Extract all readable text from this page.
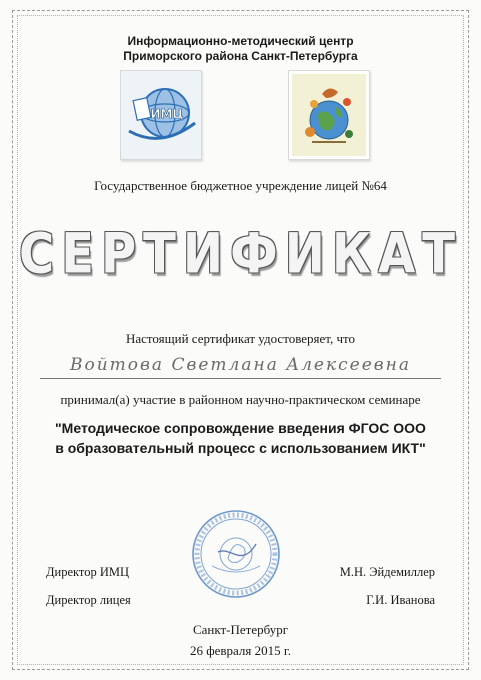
Информационно-методический центр
Приморского района Санкт-Петербурга
ИМЦ
Государственное бюджетное учреждение лицей №64
СЕРТИФИКАТ
Настоящий сертификат удостоверяет, что
Войтова Светлана Алексеевна
принимал(а) участие в районном научно-практическом семинаре
"Методическое сопровождение введения ФГОС ООО
в образовательный процесс с использованием ИКТ"
Директор ИМЦ	М.Н. Эйдемиллер
Директор лицея	Г.И. Иванова
Санкт-Петербург
26 февраля 2015 г.
